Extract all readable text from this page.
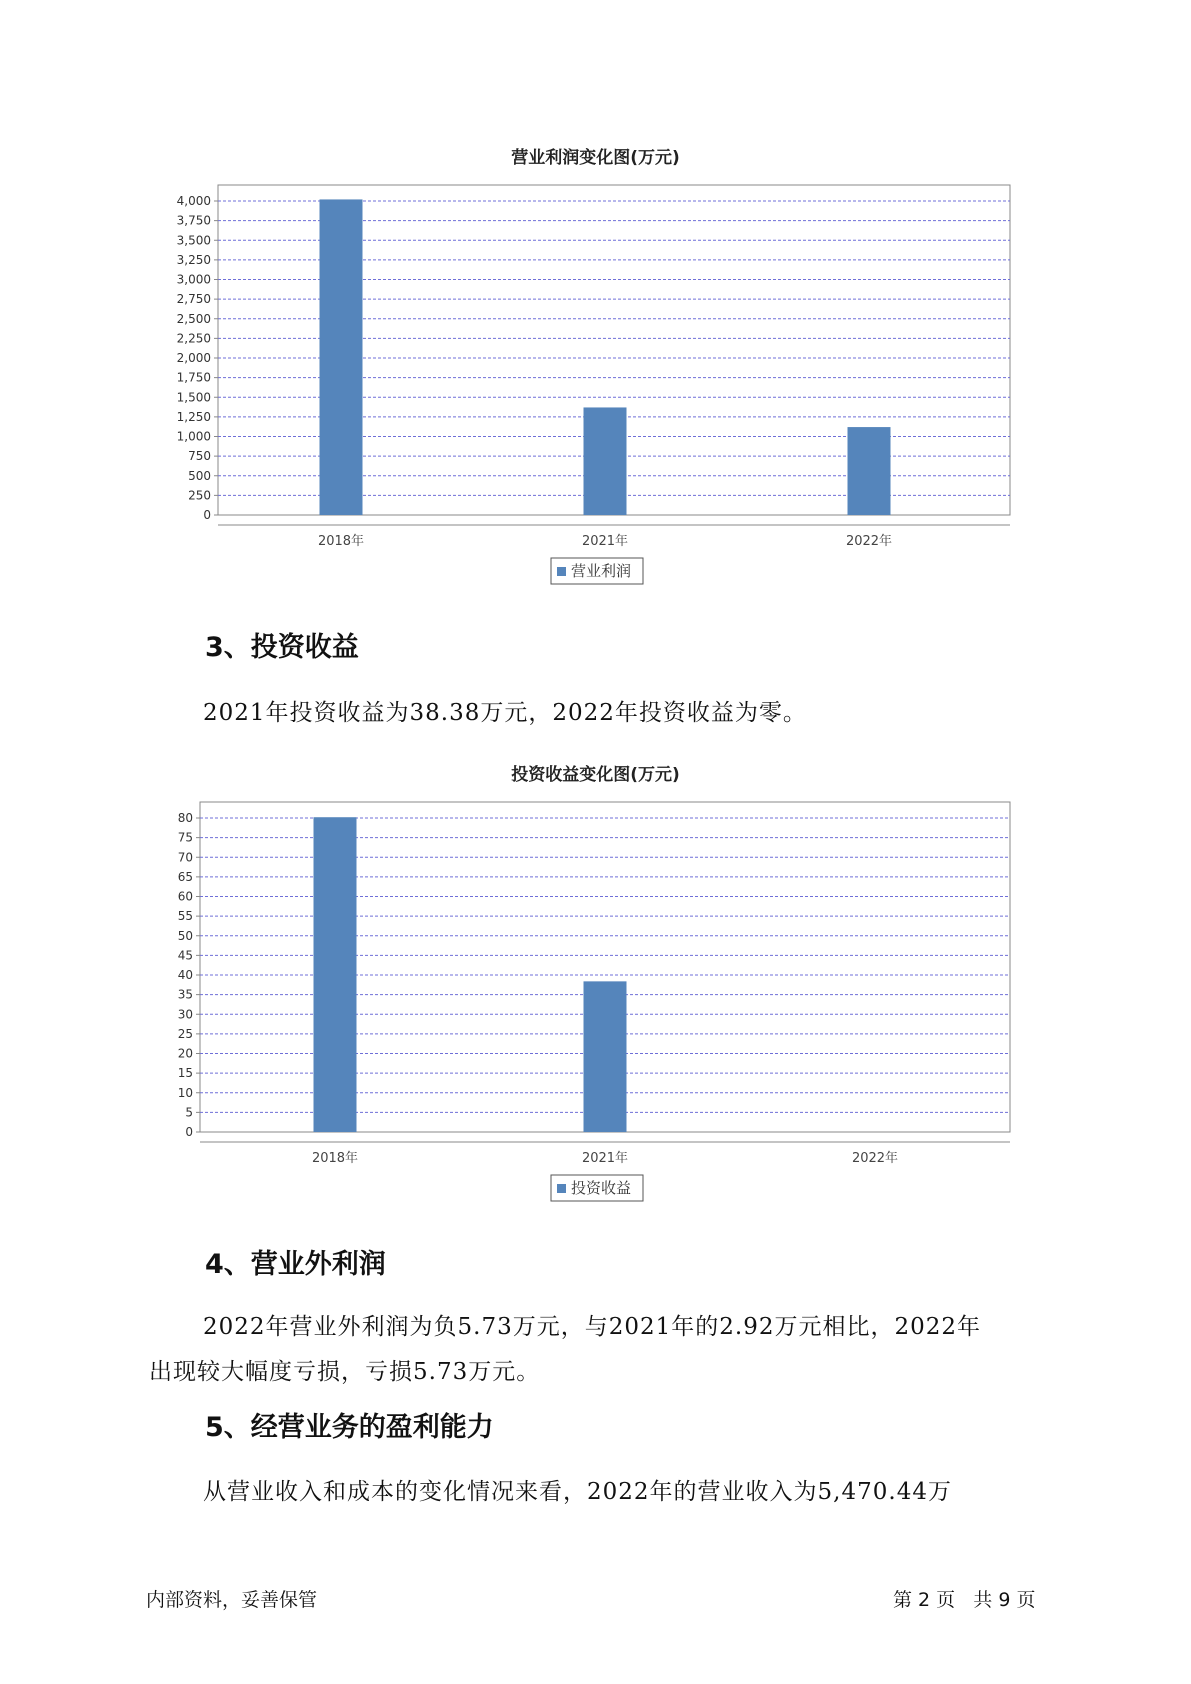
营业利润变化图(万元)
0
250
500
750
1,000
1,250
1,500
1,750
2,000
2,250
2,500
2,750
3,000
3,250
3,500
3,750
4,000
2018年	2021年	2022年
营业利润
3、投资收益
2021年投资收益为38.38万元，2022年投资收益为零。
投资收益变化图(万元)
0
5
10
15
20
25
30
35
40
45
50
55
60
65
70
75
80
2018年	2021年	2022年
投资收益
4、营业外利润
2022年营业外利润为负5.73万元，与2021年的2.92万元相比，2022年
出现较大幅度亏损，亏损5.73万元。
5、经营业务的盈利能力
从营业收入和成本的变化情况来看，2022年的营业收入为5,470.44万
内部资料，妥善保管	第 2 页   共 9 页
